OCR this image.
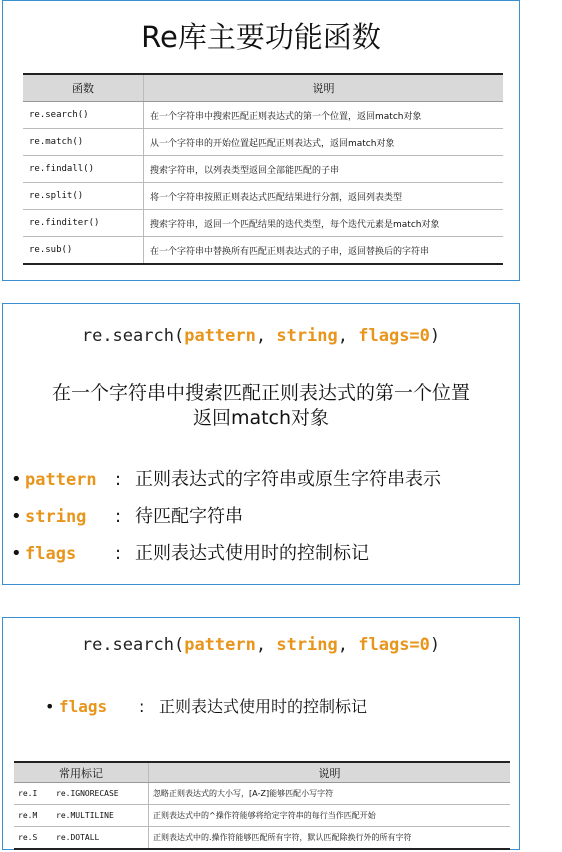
Re库主要功能函数
函数	说明
re.search()	在一个字符串中搜索匹配正则表达式的第一个位置，返回match对象
re.match()	从一个字符串的开始位置起匹配正则表达式，返回match对象
re.findall()	搜索字符串，以列表类型返回全部能匹配的子串
re.split()	将一个字符串按照正则表达式匹配结果进行分割，返回列表类型
re.finditer()	搜索字符串，返回一个匹配结果的迭代类型，每个迭代元素是match对象
re.sub()	在一个字符串中替换所有匹配正则表达式的子串，返回替换后的字符串
re.search(pattern, string, flags=0)
在一个字符串中搜索匹配正则表达式的第一个位置
返回match对象
• pattern : 正则表达式的字符串或原生字符串表示
• string : 待匹配字符串
• flags : 正则表达式使用时的控制标记
re.search(pattern, string, flags=0)
• flags : 正则表达式使用时的控制标记
常用标记		说明
re.I	re.IGNORECASE	忽略正则表达式的大小写，[A‐Z]能够匹配小写字符
re.M	re.MULTILINE	正则表达式中的^操作符能够将给定字符串的每行当作匹配开始
re.S	re.DOTALL	正则表达式中的.操作符能够匹配所有字符，默认匹配除换行外的所有字符
